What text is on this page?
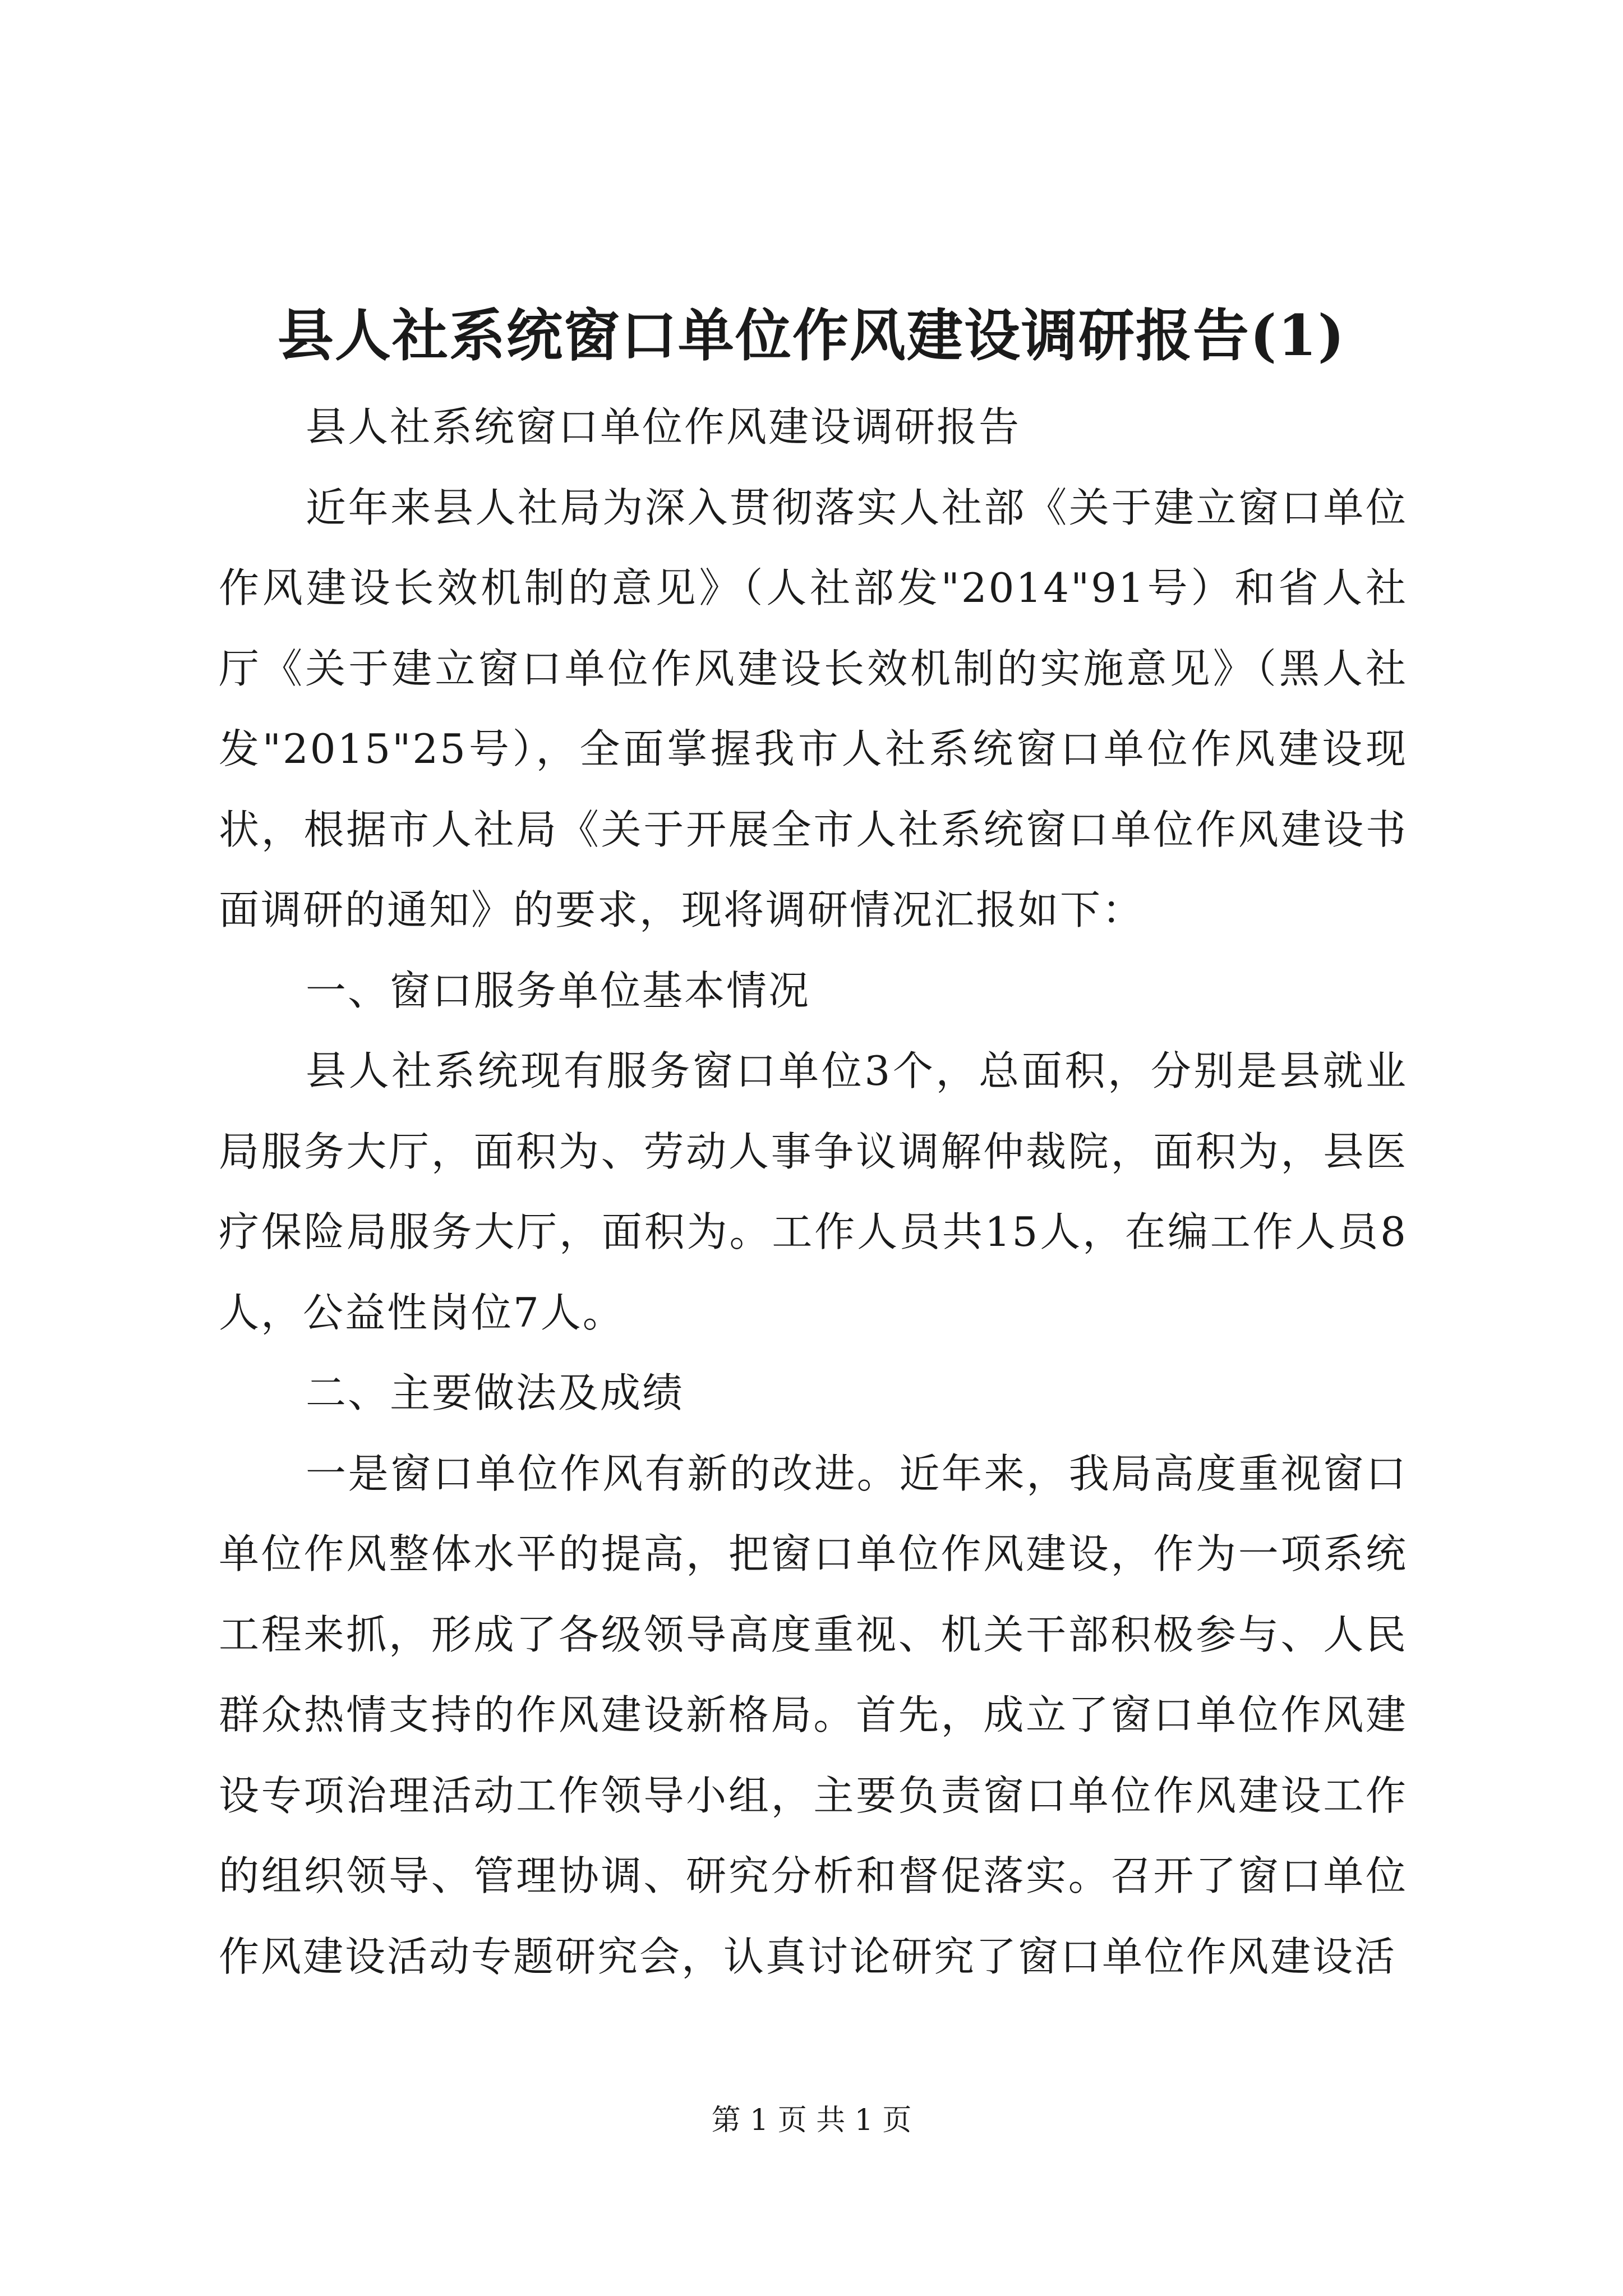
县人社系统窗口单位作风建设调研报告(1)

县人社系统窗口单位作风建设调研报告

近年来县人社局为深入贯彻落实人社部《关于建立窗口单位作风建设长效机制的意见》（人社部发"2014"91号）和省人社厅《关于建立窗口单位作风建设长效机制的实施意见》（黑人社发"2015"25号），全面掌握我市人社系统窗口单位作风建设现状，根据市人社局《关于开展全市人社系统窗口单位作风建设书面调研的通知》的要求，现将调研情况汇报如下：

一、窗口服务单位基本情况

县人社系统现有服务窗口单位3个，总面积，分别是县就业局服务大厅，面积为、劳动人事争议调解仲裁院，面积为，县医疗保险局服务大厅，面积为。工作人员共15人，在编工作人员8人，公益性岗位7人。

二、主要做法及成绩

一是窗口单位作风有新的改进。近年来，我局高度重视窗口单位作风整体水平的提高，把窗口单位作风建设，作为一项系统工程来抓，形成了各级领导高度重视、机关干部积极参与、人民群众热情支持的作风建设新格局。首先，成立了窗口单位作风建设专项治理活动工作领导小组，主要负责窗口单位作风建设工作的组织领导、管理协调、研究分析和督促落实。召开了窗口单位作风建设活动专题研究会，认真讨论研究了窗口单位作风建设活

第 1 页 共 1 页
